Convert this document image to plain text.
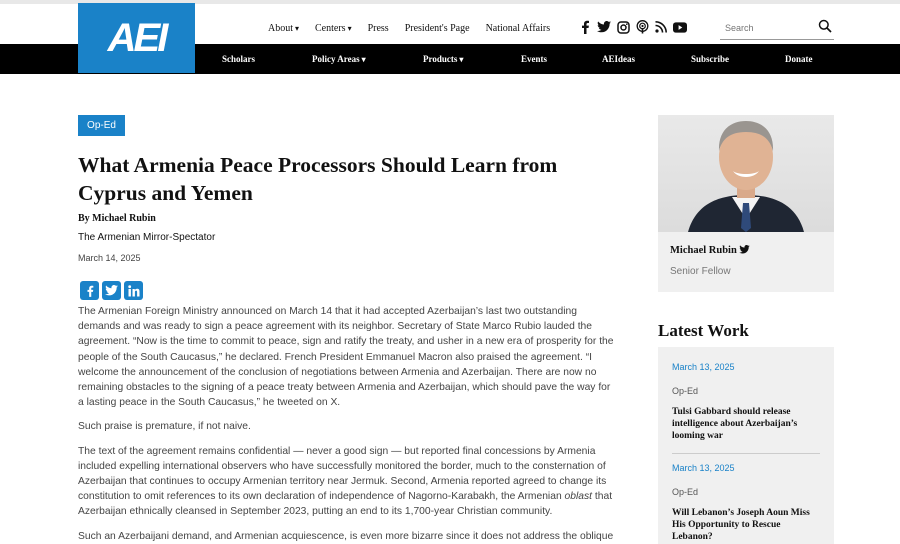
About ▾	Centers ▾	Press President's Page National Affairs
Search
AEI	Scholars	Policy Areas ▾	Products ▾	Events	AEIdeas	Subscribe	Donate
Op-Ed
What Armenia Peace Processors Should Learn from Cyprus and Yemen
By Michael Rubin
The Armenian Mirror-Spectator
March 14, 2025

The Armenian Foreign Ministry announced on March 14 that it had accepted Azerbaijan’s last two outstanding demands and was ready to sign a peace agreement with its neighbor. Secretary of State Marco Rubio lauded the agreement. “Now is the time to commit to peace, sign and ratify the treaty, and usher in a new era of prosperity for the people of the South Caucasus,” he declared. French President Emmanuel Macron also praised the agreement. “I welcome the announcement of the conclusion of negotiations between Armenia and Azerbaijan. There are now no remaining obstacles to the signing of a peace treaty between Armenia and Azerbaijan, which should pave the way for a lasting peace in the South Caucasus,” he tweeted on X.

Such praise is premature, if not naive.

The text of the agreement remains confidential — never a good sign — but reported final concessions by Armenia included expelling international observers who have successfully monitored the border, much to the consternation of Azerbaijan that continues to occupy Armenian territory near Jermuk. Second, Armenia reported agreed to change its constitution to omit references to its own declaration of independence of Nagorno-Karabakh, the Armenian oblast that Azerbaijan ethnically cleansed in September 2023, putting an end to its 1,700-year Christian community.

Such an Azerbaijani demand, and Armenian acquiescence, is even more bizarre since it does not address the oblique

Michael Rubin
Senior Fellow
Latest Work
March 13, 2025
Op-Ed
Tulsi Gabbard should release intelligence about Azerbaijan’s looming war
March 13, 2025
Op-Ed
Will Lebanon’s Joseph Aoun Miss His Opportunity to Rescue Lebanon?
